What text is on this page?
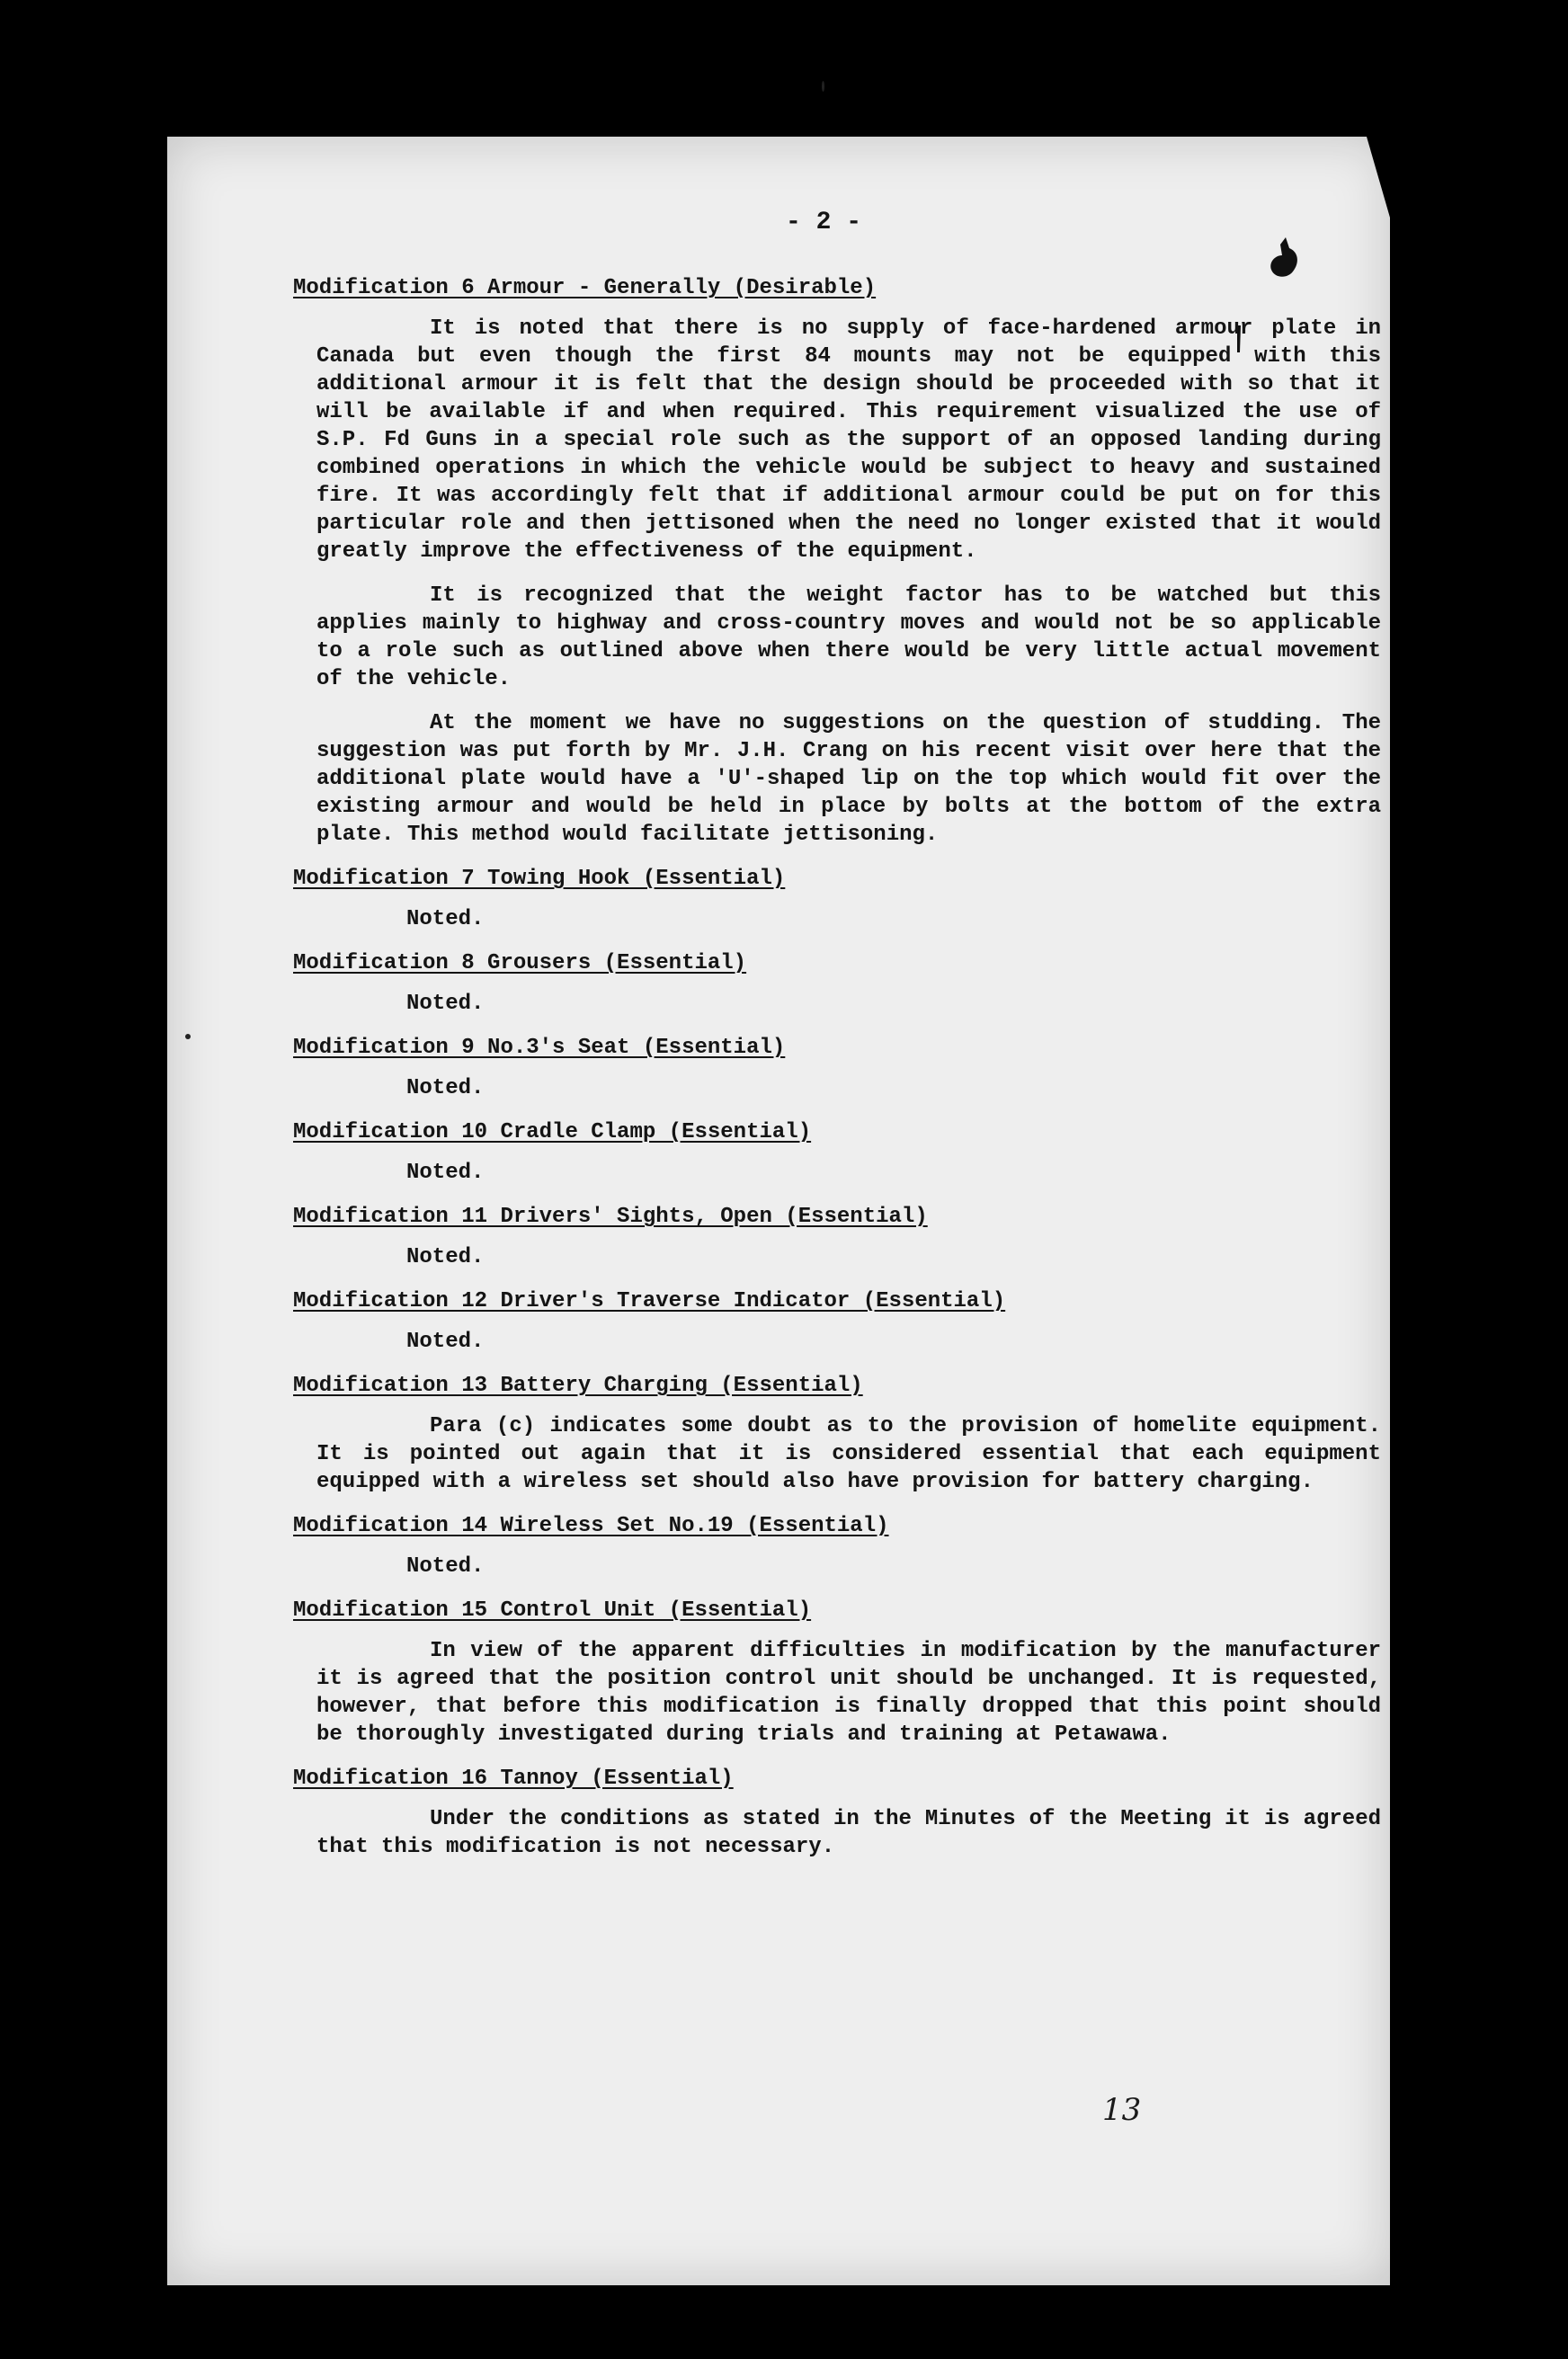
- 2 -
Modification 6 Armour - Generally (Desirable)

It is noted that there is no supply of face-hardened armour plate in Canada but even though the first 84 mounts may not be equipped with this additional armour it is felt that the design should be proceeded with so that it will be available if and when required. This requirement visualized the use of S.P. Fd Guns in a special role such as the support of an opposed landing during combined operations in which the vehicle would be subject to heavy and sustained fire. It was accordingly felt that if additional armour could be put on for this particular role and then jettisoned when the need no longer existed that it would greatly improve the effectiveness of the equipment.

It is recognized that the weight factor has to be watched but this applies mainly to highway and cross-country moves and would not be so applicable to a role such as outlined above when there would be very little actual movement of the vehicle.

At the moment we have no suggestions on the question of studding. The suggestion was put forth by Mr. J.H. Crang on his recent visit over here that the additional plate would have a 'U'-shaped lip on the top which would fit over the existing armour and would be held in place by bolts at the bottom of the extra plate. This method would facilitate jettisoning.

Modification 7 Towing Hook (Essential)
Noted.
Modification 8 Grousers (Essential)
Noted.
Modification 9 No.3's Seat (Essential)
Noted.
Modification 10 Cradle Clamp (Essential)
Noted.
Modification 11 Drivers' Sights, Open (Essential)
Noted.
Modification 12 Driver's Traverse Indicator (Essential)
Noted.
Modification 13 Battery Charging (Essential)

Para (c) indicates some doubt as to the provision of homelite equipment. It is pointed out again that it is considered essential that each equipment equipped with a wireless set should also have provision for battery charging.

Modification 14 Wireless Set No.19 (Essential)
Noted.
Modification 15 Control Unit (Essential)

In view of the apparent difficulties in modification by the manufacturer it is agreed that the position control unit should be unchanged. It is requested, however, that before this modification is finally dropped that this point should be thoroughly investigated during trials and training at Petawawa.

Modification 16 Tannoy (Essential)

Under the conditions as stated in the Minutes of the Meeting it is agreed that this modification is not necessary.

13
